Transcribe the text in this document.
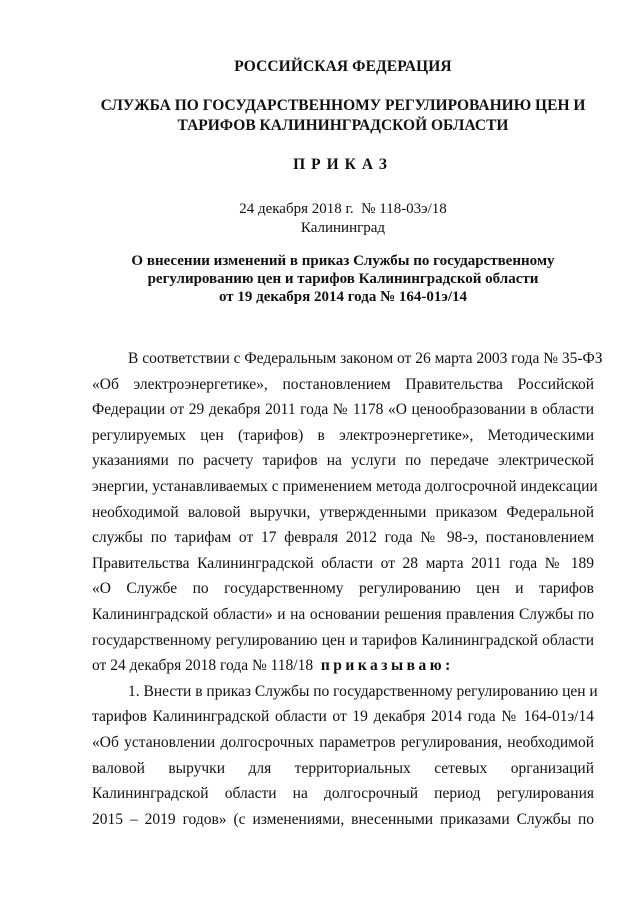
РОССИЙСКАЯ ФЕДЕРАЦИЯ
СЛУЖБА ПО ГОСУДАРСТВЕННОМУ РЕГУЛИРОВАНИЮ ЦЕН И
ТАРИФОВ КАЛИНИНГРАДСКОЙ ОБЛАСТИ
ПРИКАЗ
24 декабря 2018 г.  № 118-03э/18
Калининград
О внесении изменений в приказ Службы по государственному
регулированию цен и тарифов Калининградской области
от 19 декабря 2014 года № 164-01э/14
В соответствии с Федеральным законом от 26 марта 2003 года № 35-ФЗ
«Об электроэнергетике», постановлением Правительства Российской
Федерации от 29 декабря 2011 года № 1178 «О ценообразовании в области
регулируемых цен (тарифов) в электроэнергетике», Методическими
указаниями по расчету тарифов на услуги по передаче электрической
энергии, устанавливаемых с применением метода долгосрочной индексации
необходимой валовой выручки, утвержденными приказом Федеральной
службы по тарифам от 17 февраля 2012 года № 98-э, постановлением
Правительства Калининградской области от 28 марта 2011 года № 189
«О Службе по государственному регулированию цен и тарифов
Калининградской области» и на основании решения правления Службы по
государственному регулированию цен и тарифов Калининградской области
от 24 декабря 2018 года № 118/18 приказываю:
1. Внести в приказ Службы по государственному регулированию цен и
тарифов Калининградской области от 19 декабря 2014 года № 164-01э/14
«Об установлении долгосрочных параметров регулирования, необходимой
валовой выручки для территориальных сетевых организаций
Калининградской области на долгосрочный период регулирования
2015 – 2019 годов» (с изменениями, внесенными приказами Службы по
